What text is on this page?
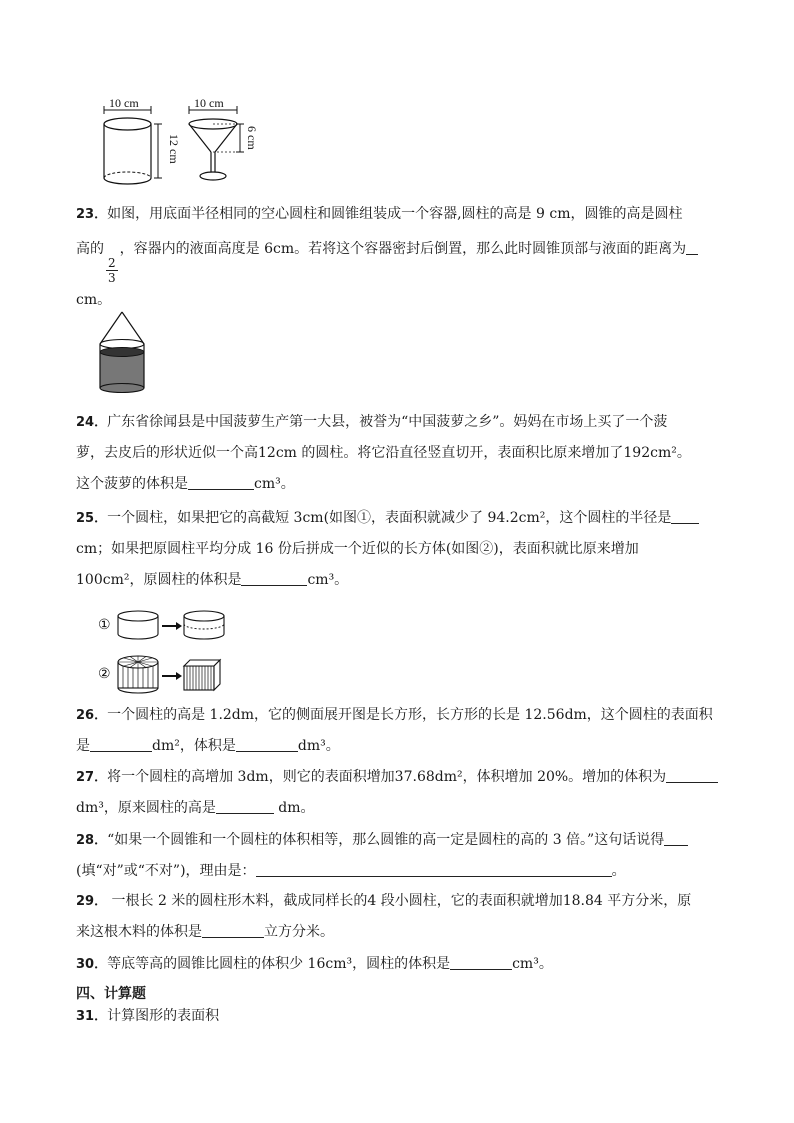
10 cm
12 cm
10 cm
6 cm

23．如图，用底面半径相同的空心圆柱和圆锥组装成一个容器,圆柱的高是 9 cm，圆锥的高是圆柱

高的
$\frac{2}{3}$
，容器内的液面高度是 6cm。若将这个容器密封后倒置，那么此时圆锥顶部与液面的距离为

cm。

24．广东省徐闻县是中国菠萝生产第一大县，被誉为“中国菠萝之乡”。妈妈在市场上买了一个菠

萝，去皮后的形状近似一个高12cm 的圆柱。将它沿直径竖直切开，表面积比原来增加了192cm²。

这个菠萝的体积是	cm³。

25．一个圆柱，如果把它的高截短 3cm(如图①，表面积就减少了 94.2cm²，这个圆柱的半径是

cm；如果把原圆柱平均分成 16 份后拼成一个近似的长方体(如图②)，表面积就比原来增加

100cm²，原圆柱的体积是	cm³。

①
②

26．一个圆柱的高是 1.2dm，它的侧面展开图是长方形，长方形的长是 12.56dm，这个圆柱的表面积

是	dm²，体积是	dm³。

27．将一个圆柱的高增加 3dm，则它的表面积增加37.68dm²，体积增加 20%。增加的体积为

dm³，原来圆柱的高是	dm。

28．“如果一个圆锥和一个圆柱的体积相等，那么圆锥的高一定是圆柱的高的 3 倍。”这句话说得

(填“对”或“不对”)，理由是：	。

29． 一根长 2 米的圆柱形木料，截成同样长的4 段小圆柱，它的表面积就增加18.84 平方分米，原

来这根木料的体积是	立方分米。

30．等底等高的圆锥比圆柱的体积少 16cm³，圆柱的体积是	cm³。

四、计算题

31．计算图形的表面积
